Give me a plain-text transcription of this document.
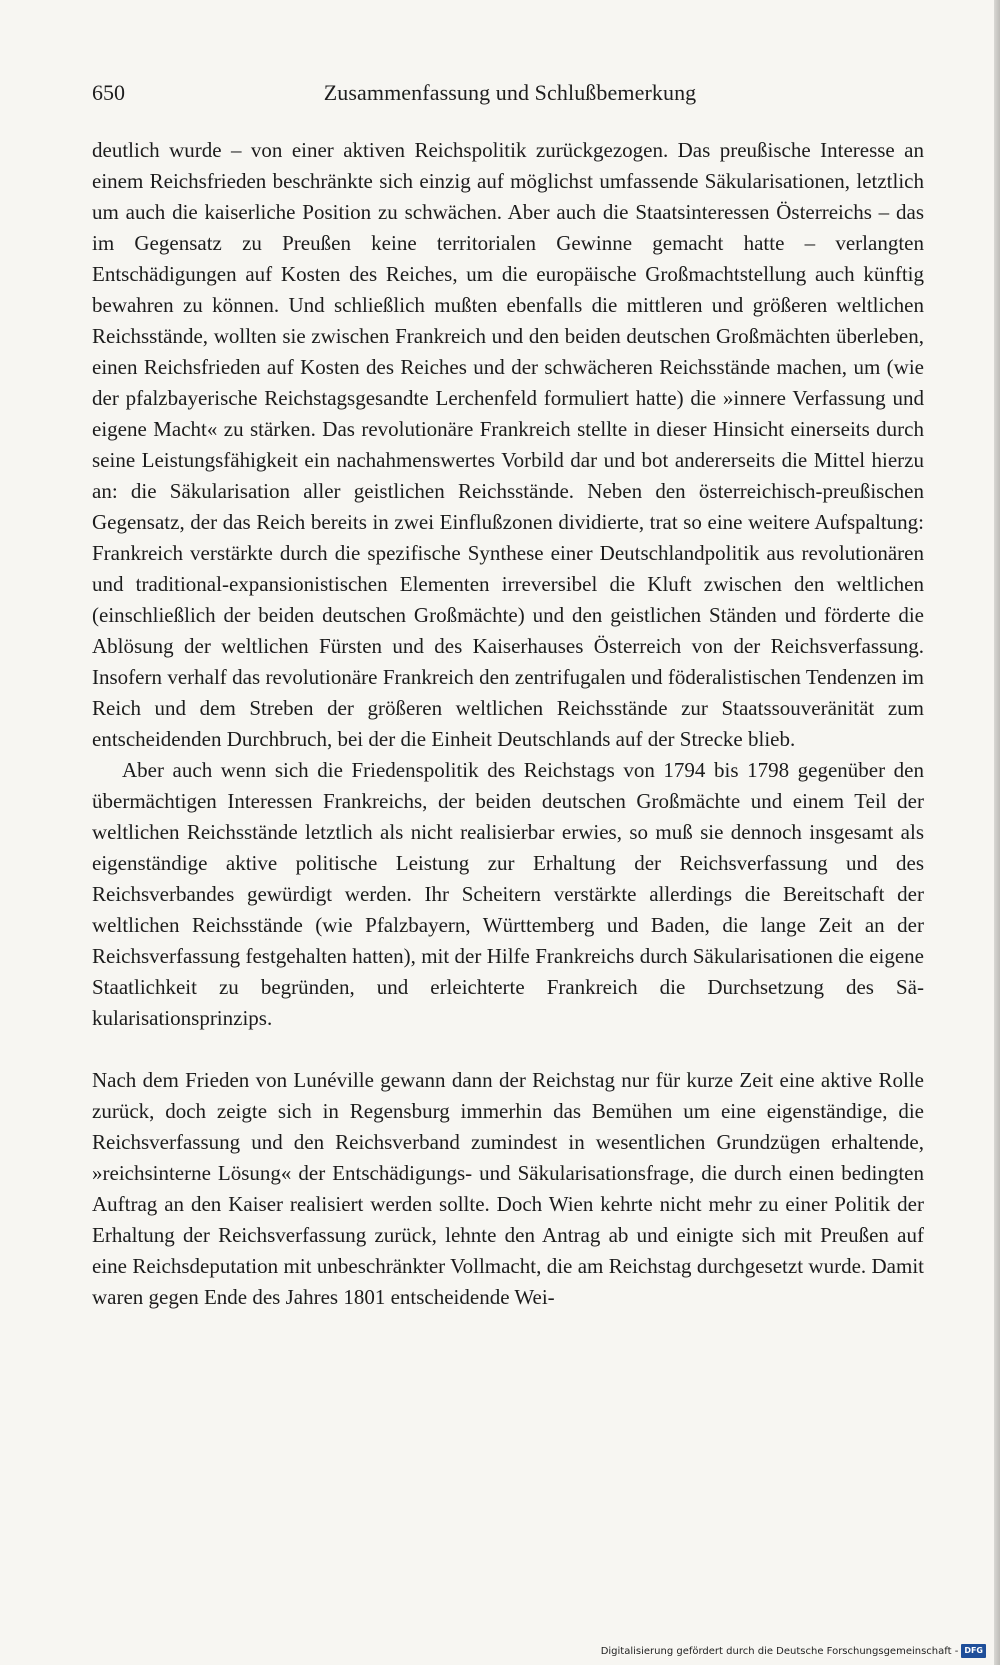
650	Zusammenfassung und Schlußbemerkung

deutlich wurde – von einer aktiven Reichspolitik zurückgezogen. Das preußische Interesse an einem Reichsfrieden beschränkte sich einzig auf möglichst umfassende Säkularisationen, letztlich um auch die kaiserliche Position zu schwächen. Aber auch die Staatsinteressen Österreichs – das im Gegensatz zu Preußen keine territorialen Gewinne gemacht hatte – verlangten Entschädigungen auf Kosten des Reiches, um die europäische Großmachtstellung auch künftig bewahren zu können. Und schließlich mußten ebenfalls die mittleren und größeren weltlichen Reichsstände, wollten sie zwischen Frankreich und den beiden deutschen Großmächten überleben, einen Reichsfrieden auf Kosten des Reiches und der schwächeren Reichsstände machen, um (wie der pfalzbayerische Reichstagsgesandte Lerchenfeld formuliert hatte) die »innere Verfassung und eigene Macht« zu stärken. Das revolutionäre Frankreich stellte in dieser Hinsicht einerseits durch seine Leistungsfähigkeit ein nachahmenswertes Vorbild dar und bot andererseits die Mittel hierzu an: die Säkularisation aller geistlichen Reichsstände. Neben den österreichisch-preußischen Gegensatz, der das Reich bereits in zwei Einflußzonen dividierte, trat so eine weitere Aufspaltung: Frankreich verstärkte durch die spezifische Synthese einer Deutschlandpolitik aus revolutionären und traditional-expansionistischen Elementen irreversibel die Kluft zwischen den weltlichen (einschließlich der beiden deutschen Großmächte) und den geistlichen Ständen und förderte die Ablösung der weltlichen Fürsten und des Kaiserhauses Österreich von der Reichsverfassung. Insofern verhalf das revolutionäre Frankreich den zentrifugalen und föderalistischen Tendenzen im Reich und dem Streben der größeren weltlichen Reichsstände zur Staatssouveränität zum entscheidenden Durchbruch, bei der die Einheit Deutschlands auf der Strecke blieb.

Aber auch wenn sich die Friedenspolitik des Reichstags von 1794 bis 1798 gegenüber den übermächtigen Interessen Frankreichs, der beiden deutschen Großmächte und einem Teil der weltlichen Reichsstände letztlich als nicht realisierbar erwies, so muß sie dennoch insgesamt als eigenständige aktive politische Leistung zur Erhaltung der Reichsverfassung und des Reichsverbandes gewürdigt werden. Ihr Scheitern verstärkte allerdings die Bereitschaft der weltlichen Reichsstände (wie Pfalzbayern, Württemberg und Baden, die lange Zeit an der Reichsverfassung festgehalten hatten), mit der Hilfe Frankreichs durch Säkularisationen die eigene Staatlichkeit zu begründen, und erleichterte Frankreich die Durchsetzung des Säkularisationsprinzips.

Nach dem Frieden von Lunéville gewann dann der Reichstag nur für kurze Zeit eine aktive Rolle zurück, doch zeigte sich in Regensburg immerhin das Bemühen um eine eigenständige, die Reichsverfassung und den Reichsverband zumindest in wesentlichen Grundzügen erhaltende, »reichsinterne Lösung« der Entschädigungs- und Säkularisationsfrage, die durch einen bedingten Auftrag an den Kaiser realisiert werden sollte. Doch Wien kehrte nicht mehr zu einer Politik der Erhaltung der Reichsverfassung zurück, lehnte den Antrag ab und einigte sich mit Preußen auf eine Reichsdeputation mit unbeschränkter Vollmacht, die am Reichstag durchgesetzt wurde. Damit waren gegen Ende des Jahres 1801 entscheidende Wei-

Digitalisierung gefördert durch die Deutsche Forschungsgemeinschaft - DFG
